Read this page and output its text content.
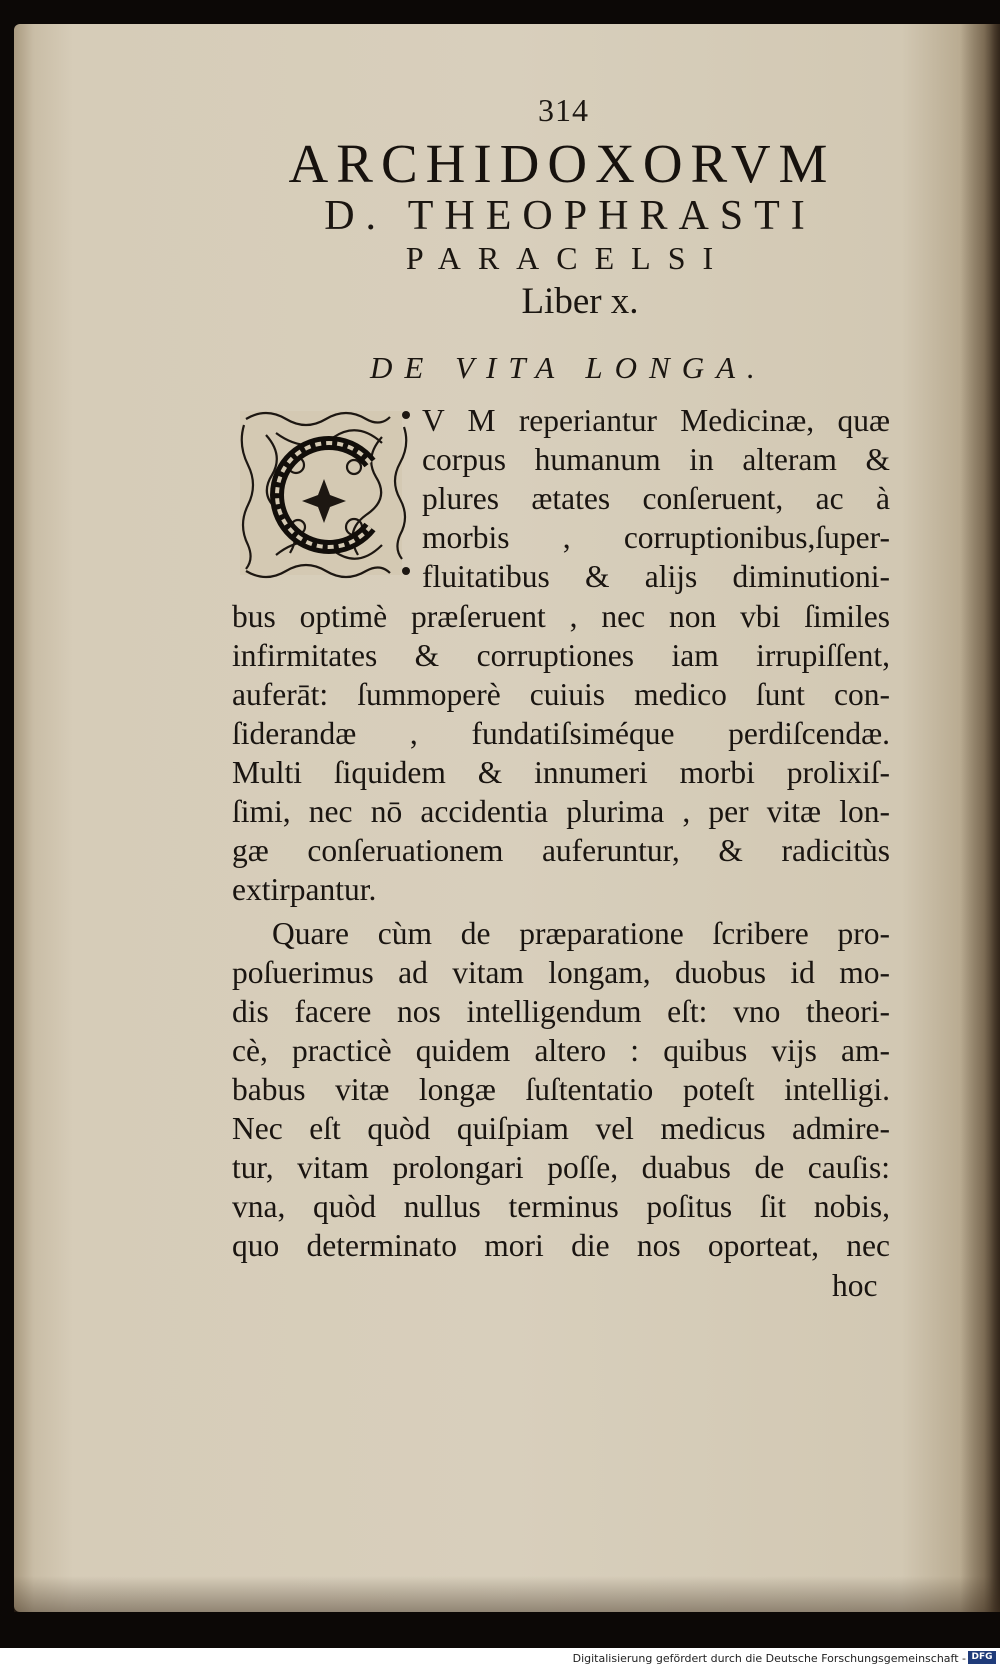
314
ARCHIDOXORVM
D. THEOPHRASTI
PARACELSI
Liber x.
DE VITA LONGA.
V M reperiantur Medicinæ, quæ
corpus humanum in alteram &
plures ætates conſeruent, ac à
morbis , corruptionibus,ſuper-
fluitatibus & alijs diminutioni-
bus optimè præſeruent , nec non vbi ſimiles
infirmitates & corruptiones iam irrupiſſent,
auferāt: ſummoperè cuiuis medico ſunt con-
ſiderandæ , fundatiſsiméque perdiſcendæ.
Multi ſiquidem & innumeri morbi prolixiſ-
ſimi, nec nō accidentia plurima , per vitæ lon-
gæ conſeruationem auferuntur, & radicitùs
extirpantur.
Quare cùm de præparatione ſcribere pro-
poſuerimus ad vitam longam, duobus id mo-
dis facere nos intelligendum eſt: vno theori-
cè, practicè quidem altero : quibus vijs am-
babus vitæ longæ ſuſtentatio poteſt intelligi.
Nec eſt quòd quiſpiam vel medicus admire-
tur, vitam prolongari poſſe, duabus de cauſis:
vna, quòd nullus terminus poſitus ſit nobis,
quo determinato mori die nos oporteat, nec
hoc
Digitalisierung gefördert durch die Deutsche Forschungsgemeinschaft - DFG
